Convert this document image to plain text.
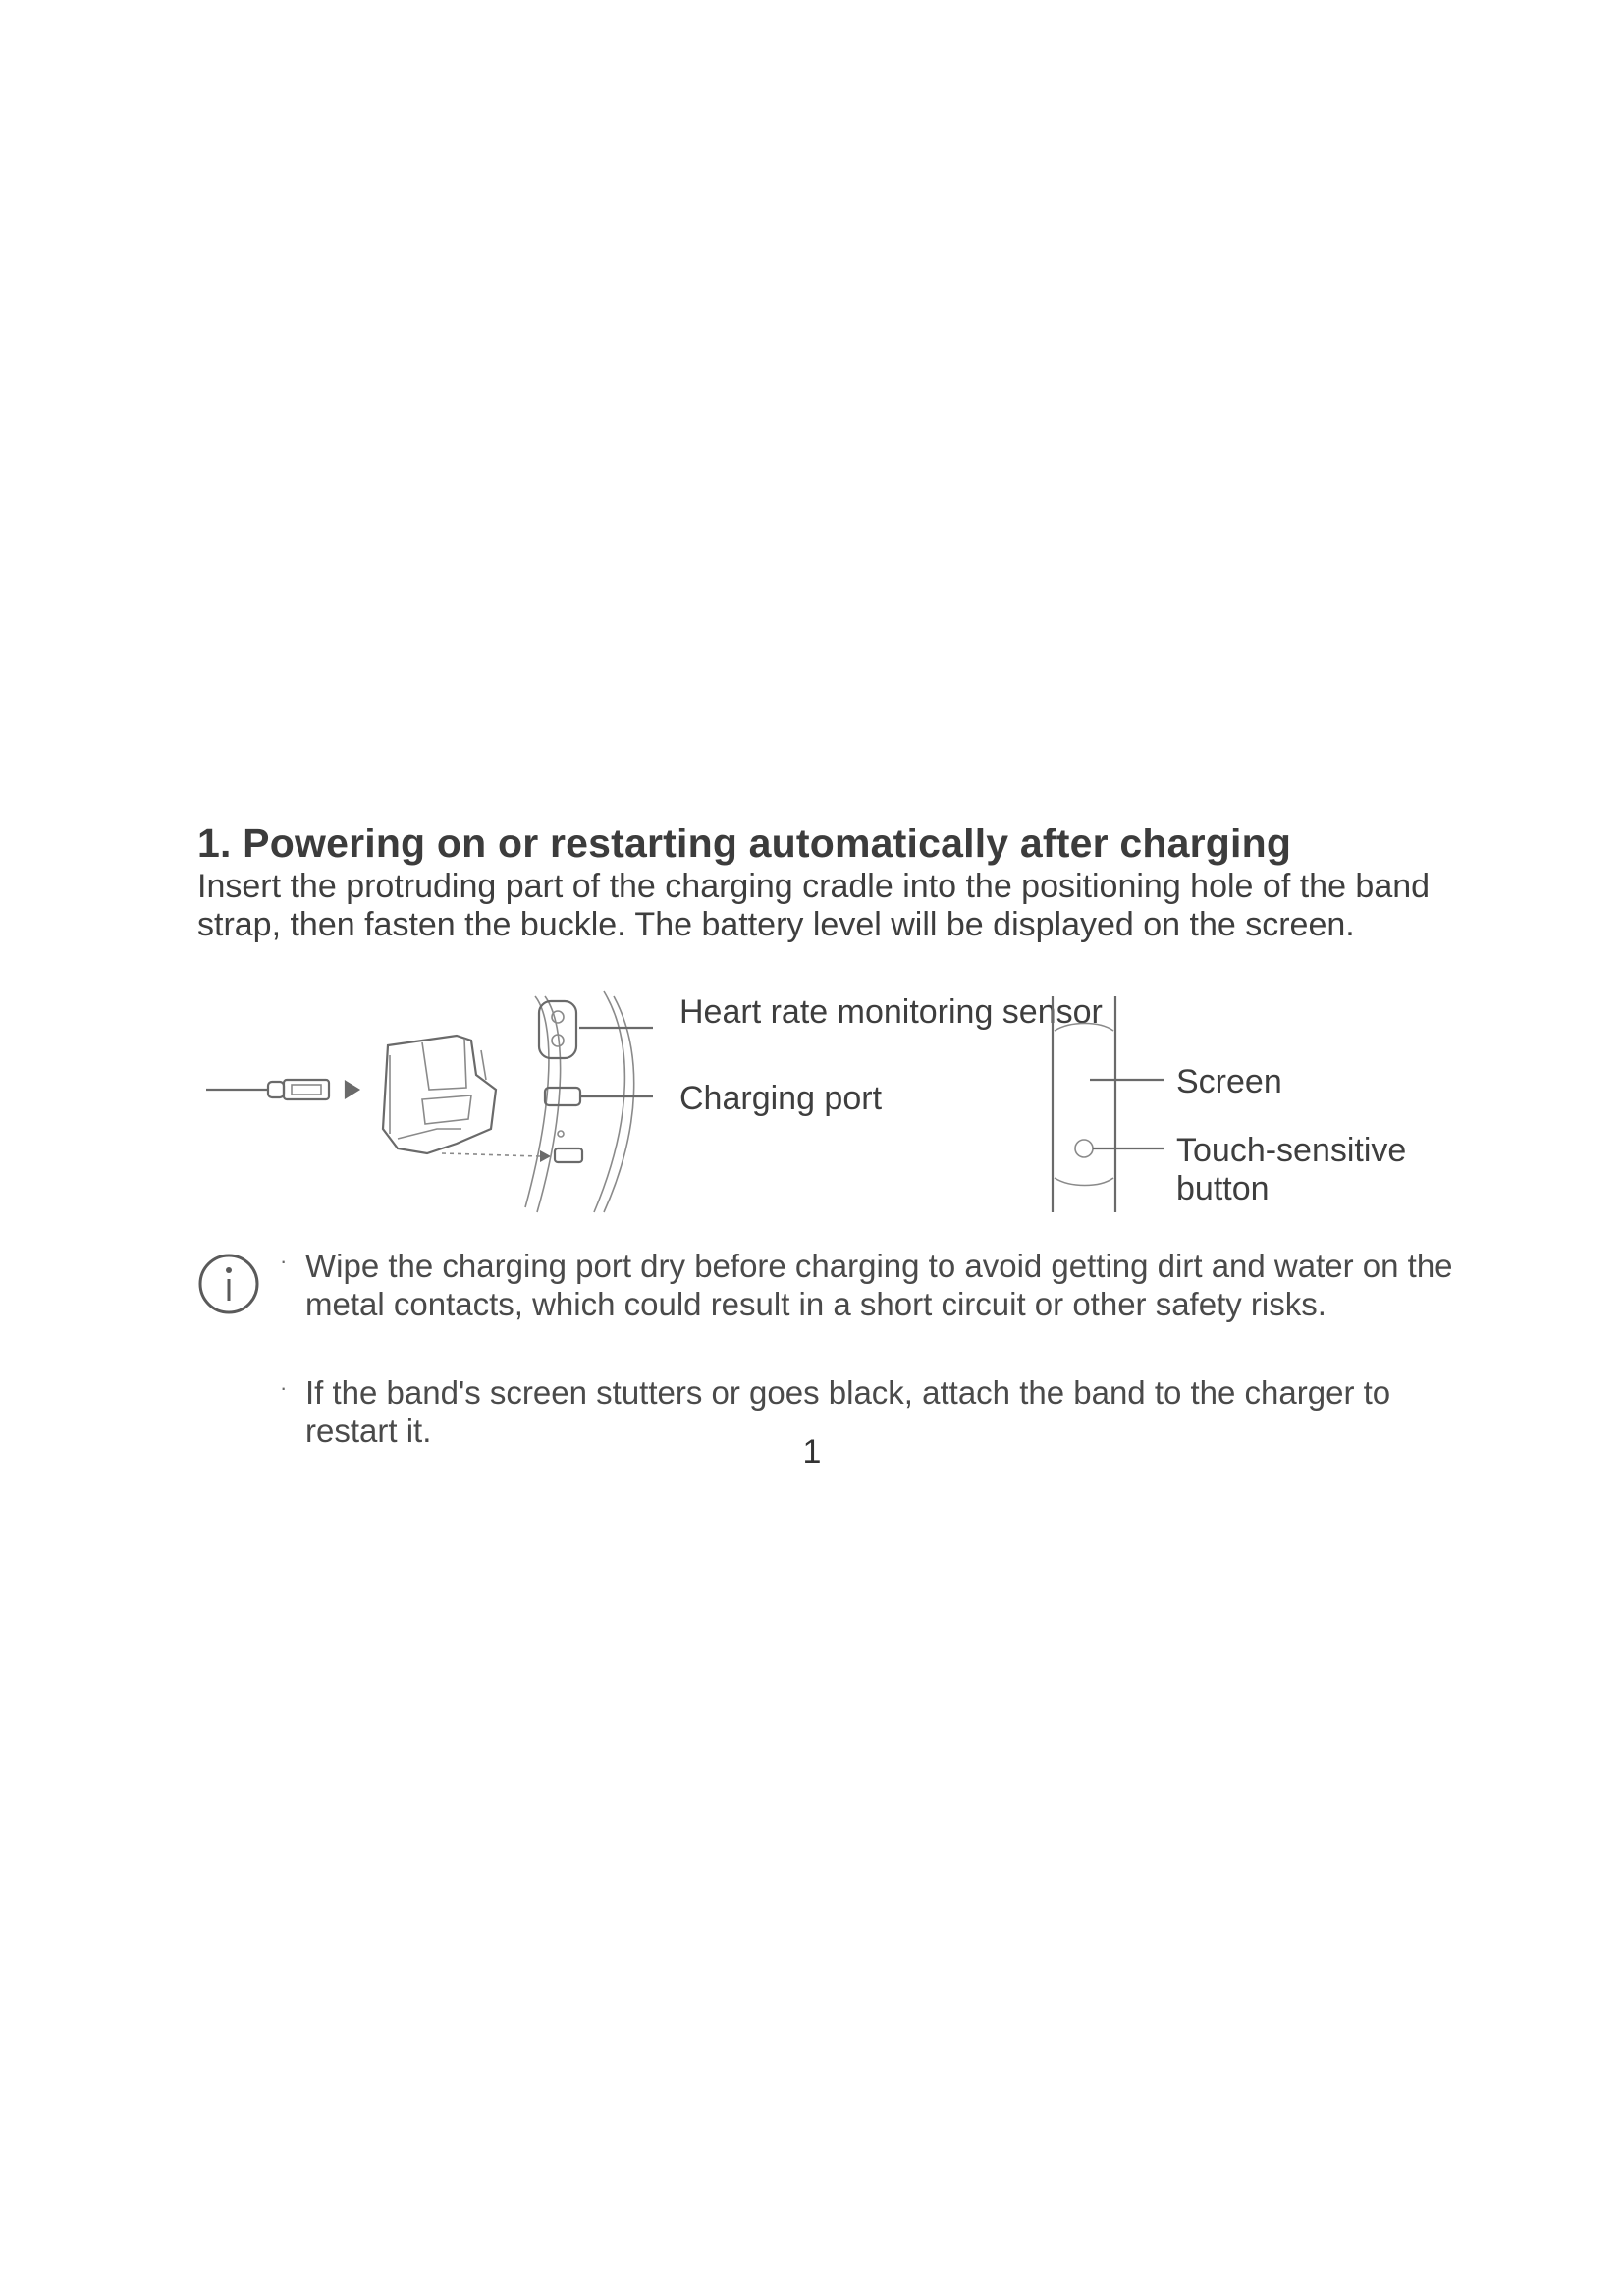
1. Powering on or restarting automatically after charging
Insert the protruding part of the charging cradle into the positioning hole of the band strap, then fasten the buckle. The battery level will be displayed on the screen.
Heart rate monitoring sensor
Charging port	Screen
Touch-sensitive button
· Wipe the charging port dry before charging to avoid getting dirt and water on the metal contacts, which could result in a short circuit or other safety risks.
· If the band's screen stutters or goes black, attach the band to the charger to restart it.
1
